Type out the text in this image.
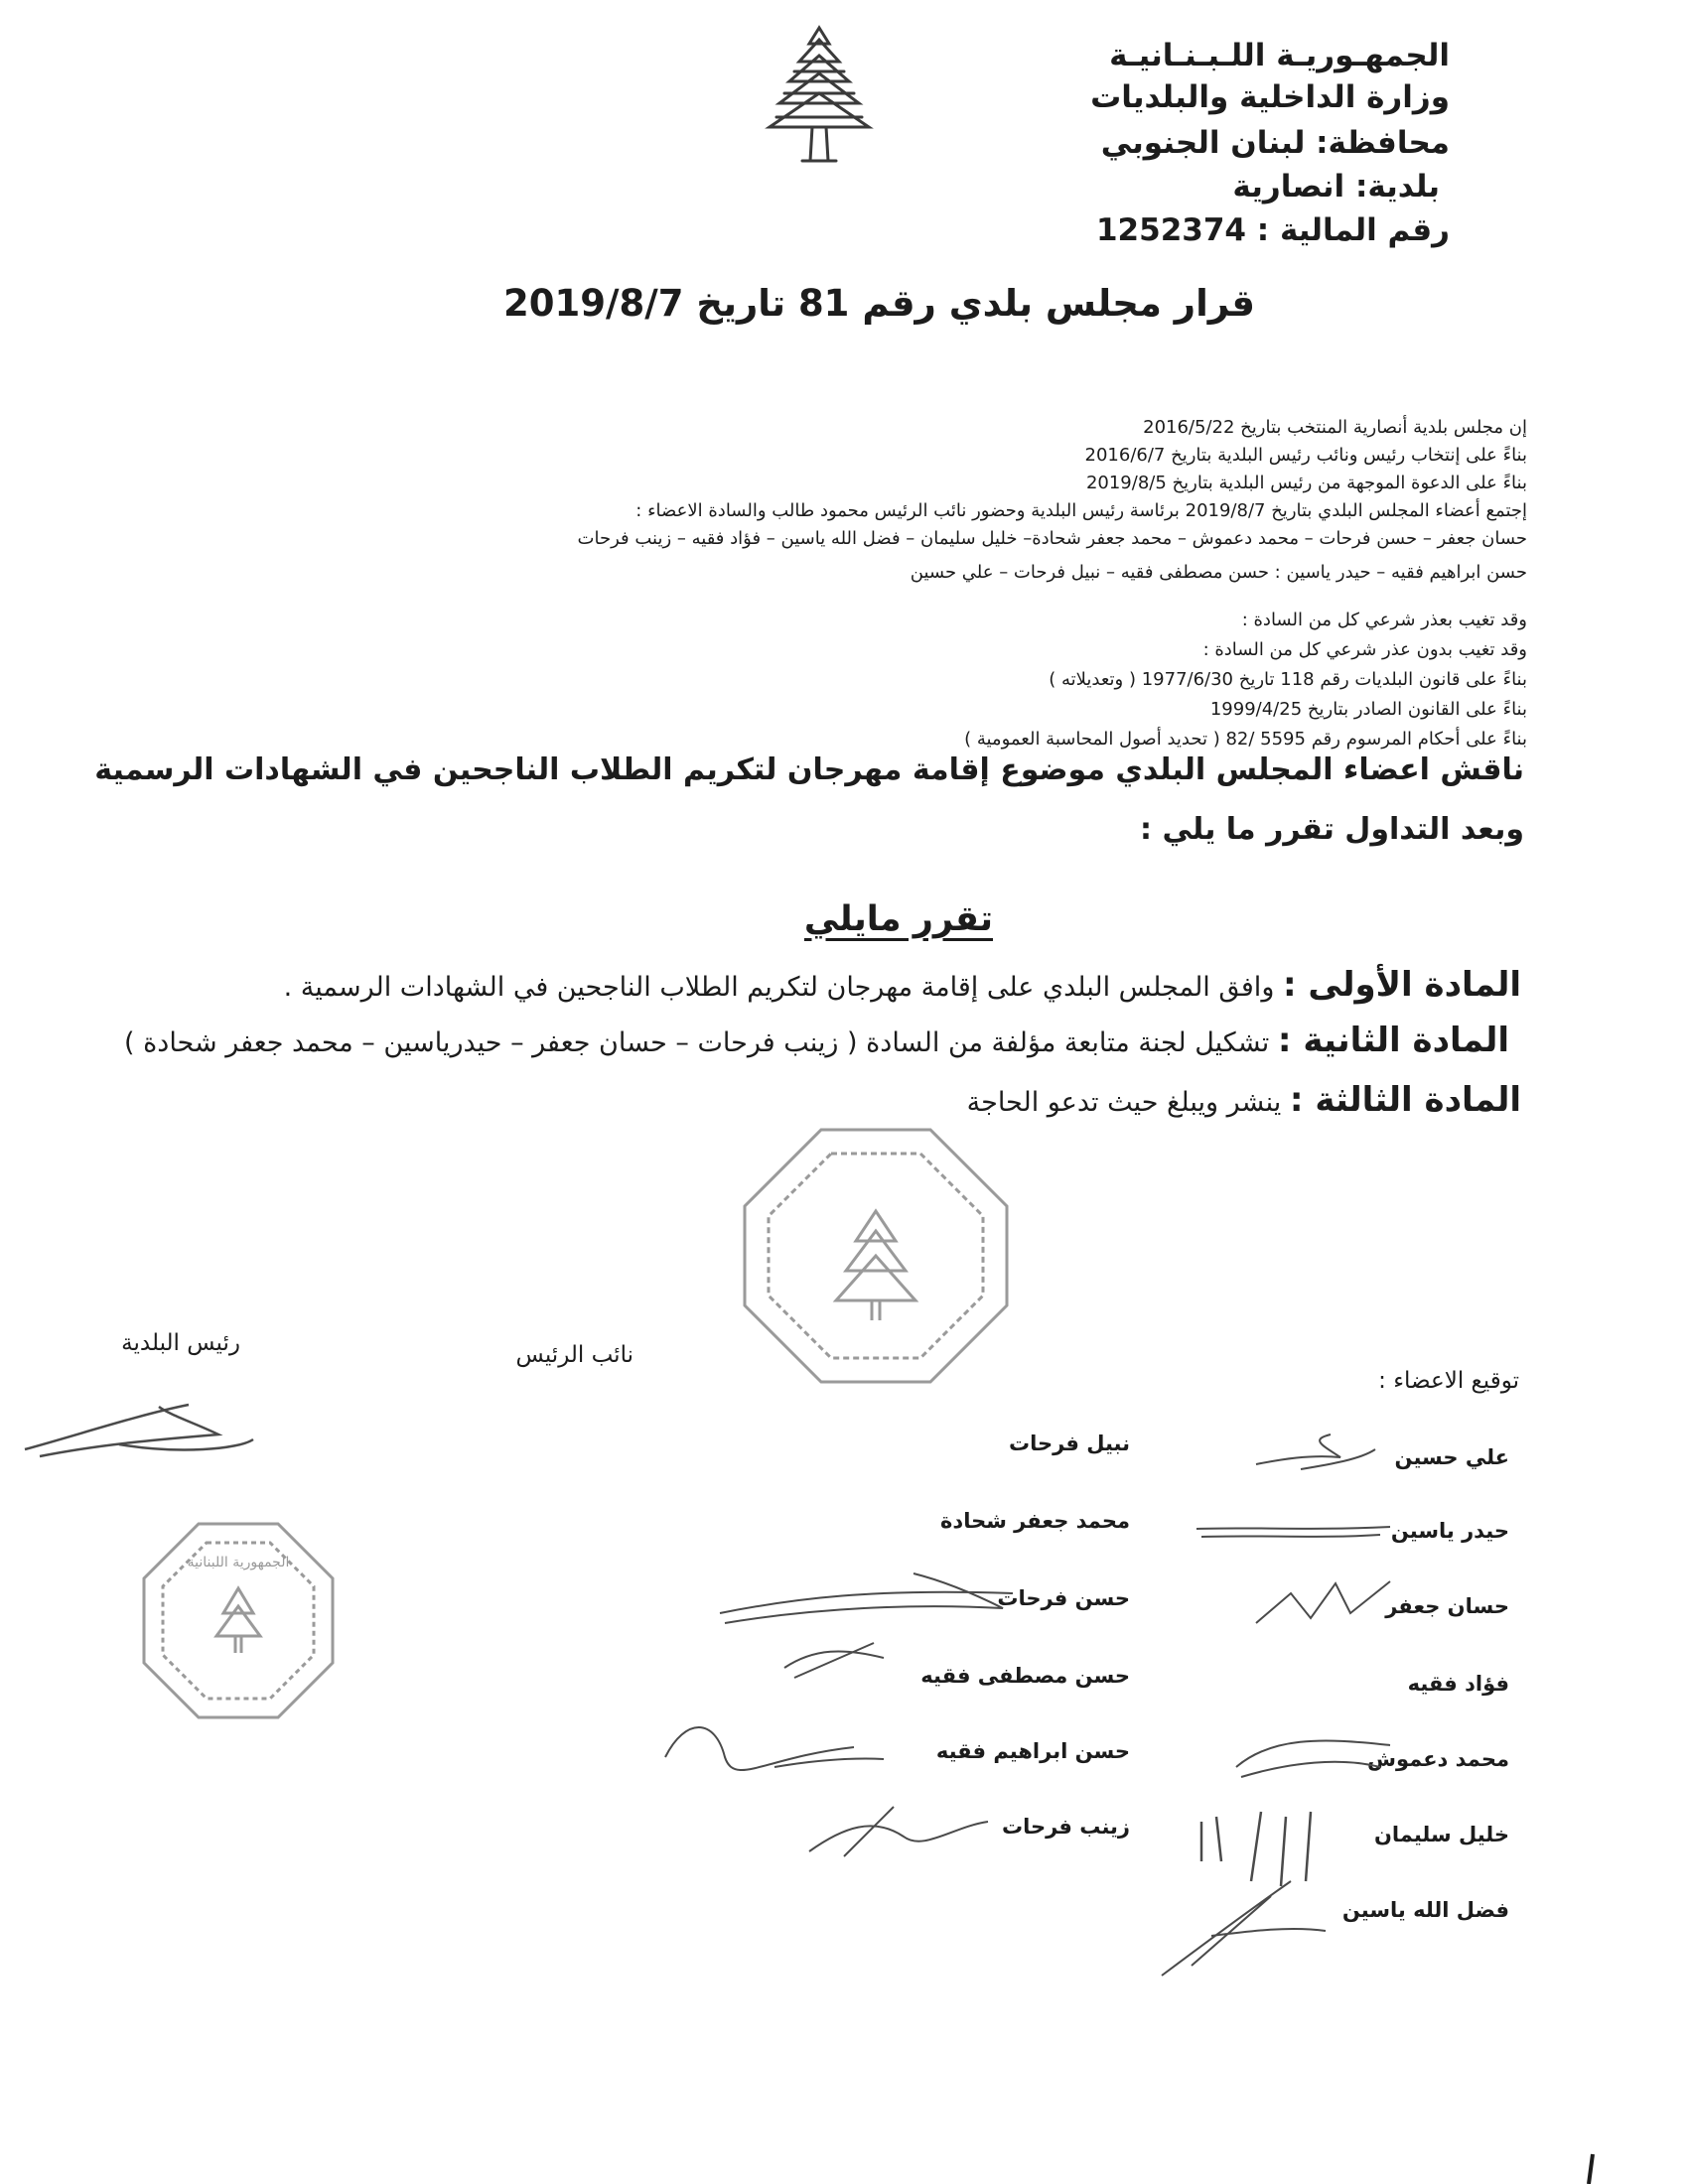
الجمهـوريـة اللـبـنـانيـة
وزارة الداخلية والبلديات
محافظة: لبنان الجنوبي
بلدية: انصارية
رقم المالية : 1252374
قرار مجلس بلدي رقم 81 تاريخ 2019/8/7
إن مجلس بلدية أنصارية المنتخب بتاريخ 2016/5/22
بناءً على إنتخاب رئيس ونائب رئيس البلدية بتاريخ 2016/6/7
بناءً على الدعوة الموجهة من رئيس البلدية بتاريخ 2019/8/5
إجتمع أعضاء المجلس البلدي بتاريخ 2019/8/7 برئاسة رئيس البلدية وحضور نائب الرئيس محمود طالب والسادة الاعضاء :
حسان جعفر – حسن فرحات – محمد دعموش – محمد جعفر شحادة– خليل سليمان – فضل الله ياسين – فؤاد فقيه – زينب فرحات
حسن ابراهيم فقيه – حيدر ياسين : حسن مصطفى فقيه – نبيل فرحات – علي حسين
وقد تغيب بعذر شرعي كل من السادة :
وقد تغيب بدون عذر شرعي كل من السادة :
بناءً على قانون البلديات رقم 118 تاريخ 1977/6/30 ( وتعديلاته )
بناءً على القانون الصادر بتاريخ 1999/4/25
بناءً على أحكام المرسوم رقم 5595 /82 ( تحديد أصول المحاسبة العمومية )
ناقش اعضاء المجلس البلدي موضوع إقامة مهرجان لتكريم الطلاب الناجحين في الشهادات الرسمية
وبعد التداول تقرر ما يلي :
تقرر مايلي
المادة الأولى : وافق المجلس البلدي على إقامة مهرجان لتكريم الطلاب الناجحين في الشهادات الرسمية .
المادة الثانية : تشكيل لجنة متابعة مؤلفة من السادة ( زينب فرحات – حسان جعفر – حيدرياسين – محمد جعفر شحادة )
المادة الثالثة : ينشر ويبلغ حيث تدعو الحاجة
رئيس البلدية	نائب الرئيس
توقيع الاعضاء :
علي حسين
حيدر ياسين
حسان جعفر
فؤاد فقيه
محمد دعموش
خليل سليمان
فضل الله ياسين
نبيل فرحات
محمد جعفر شحادة
حسن فرحات
حسن مصطفى فقيه
حسن ابراهيم فقيه
زينب فرحات
الجمهورية اللبنانية
